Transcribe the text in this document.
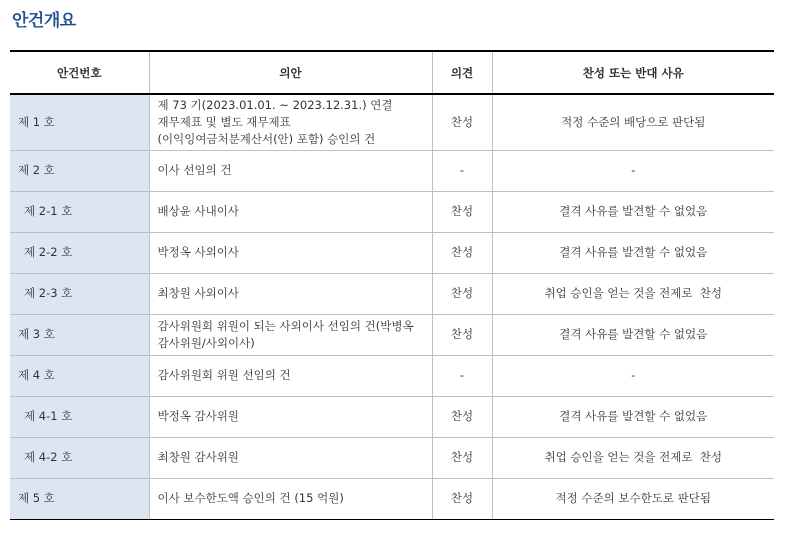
안건개요
안건번호	의안	의견	찬성 또는 반대 사유
제 1 호	제 73 기(2023.01.01. ~ 2023.12.31.) 연결
재무제표 및 별도 재무제표
(이익잉여금처분계산서(안) 포함) 승인의 건	찬성	적정 수준의 배당으로 판단됨
제 2 호	이사 선임의 건	-	-
제 2-1 호	배상윤 사내이사	찬성	결격 사유를 발견할 수 없었음
제 2-2 호	박정옥 사외이사	찬성	결격 사유를 발견할 수 없었음
제 2-3 호	최창원 사외이사	찬성	취업 승인을 얻는 것을 전제로  찬성
제 3 호	감사위원회 위원이 되는 사외이사 선임의 건(박병옥
감사위원/사외이사)	찬성	결격 사유를 발견할 수 없었음
제 4 호	감사위원회 위원 선임의 건	-	-
제 4-1 호	박정옥 감사위원	찬성	결격 사유를 발견할 수 없었음
제 4-2 호	최창원 감사위원	찬성	취업 승인을 얻는 것을 전제로  찬성
제 5 호	이사 보수한도액 승인의 건 (15 억원)	찬성	적정 수준의 보수한도로 판단됨
